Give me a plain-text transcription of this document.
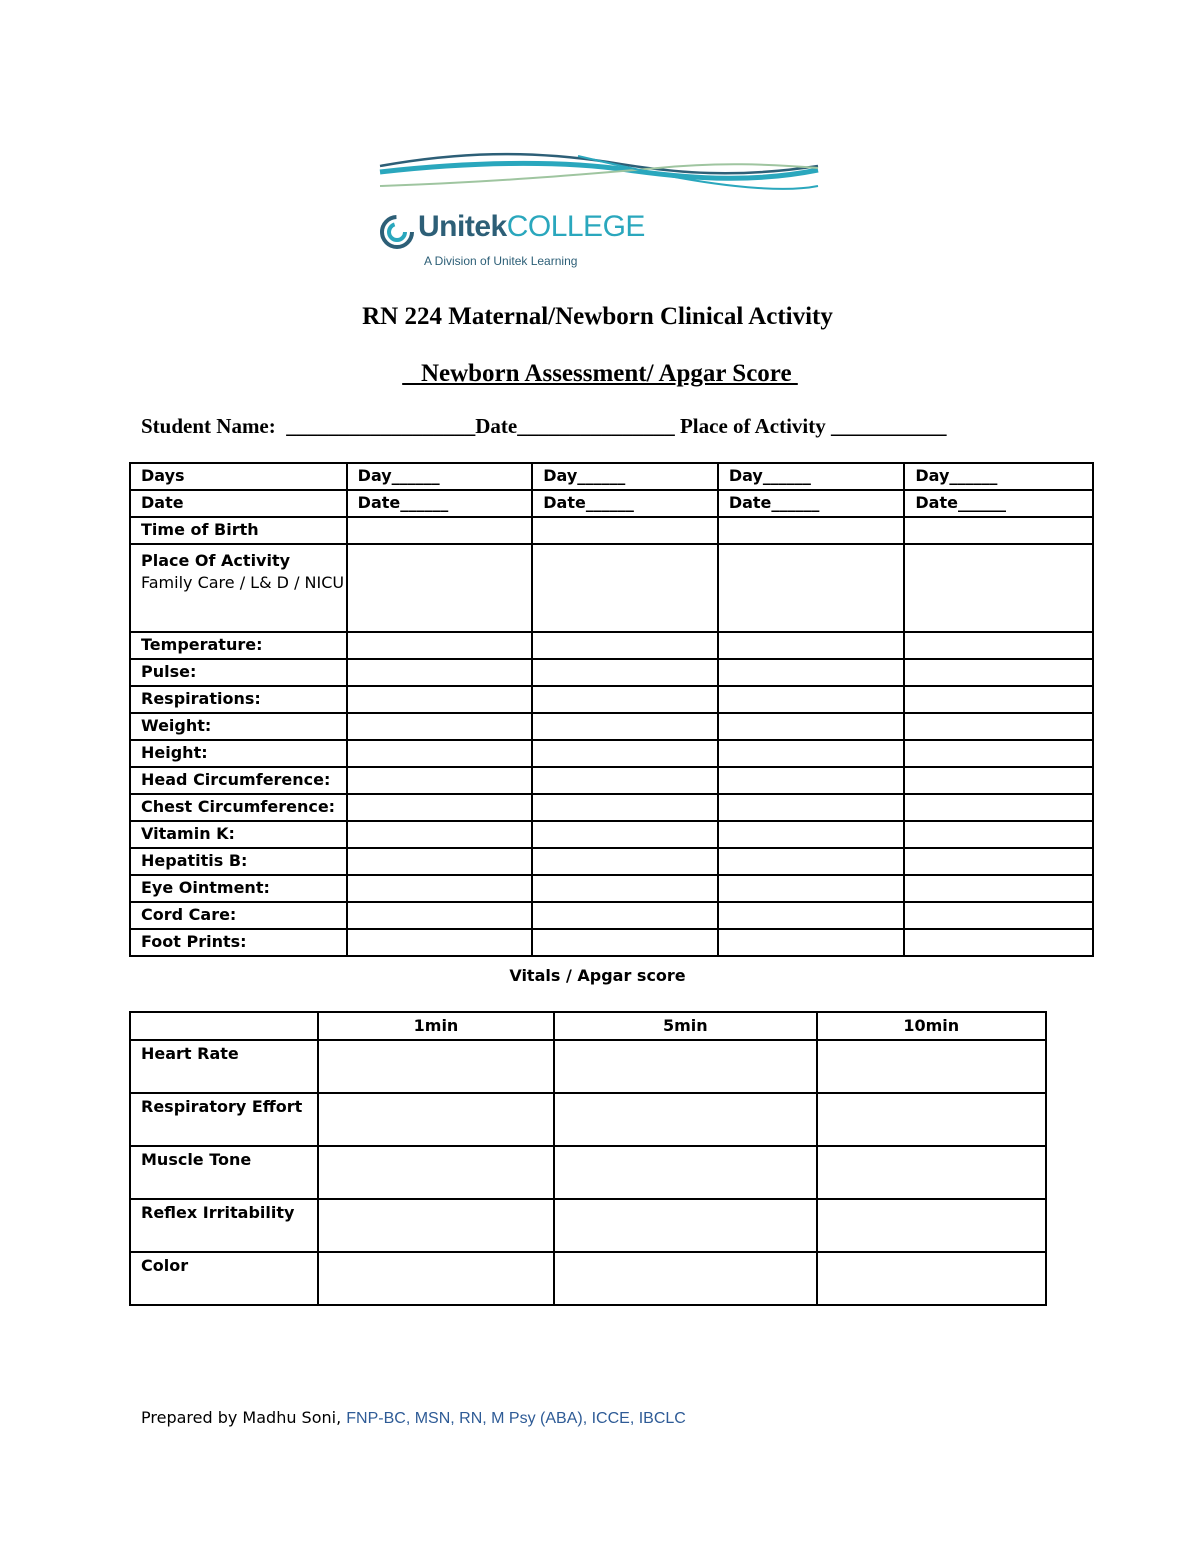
UnitekCOLLEGE
A Division of Unitek Learning
RN 224 Maternal/Newborn Clinical Activity
Newborn Assessment/ Apgar Score
Student Name:  __________________Date_______________ Place of Activity ___________
Days	Day______	Day______	Day______	Day______
Date	Date______	Date______	Date______	Date______
Time of Birth				
Place Of Activity
Family Care / L& D / NICU				

Temperature:				
Pulse:				
Respirations:				
Weight:				
Height:				
Head Circumference:				
Chest Circumference:				
Vitamin K:				
Hepatitis B:				
Eye Ointment:				
Cord Care:				
Foot Prints:				
Vitals / Apgar score
	1min	5min	10min
Heart Rate			
Respiratory Effort			
Muscle Tone			
Reflex Irritability			
Color			
Prepared by Madhu Soni, FNP-BC, MSN, RN, M Psy (ABA), ICCE, IBCLC
